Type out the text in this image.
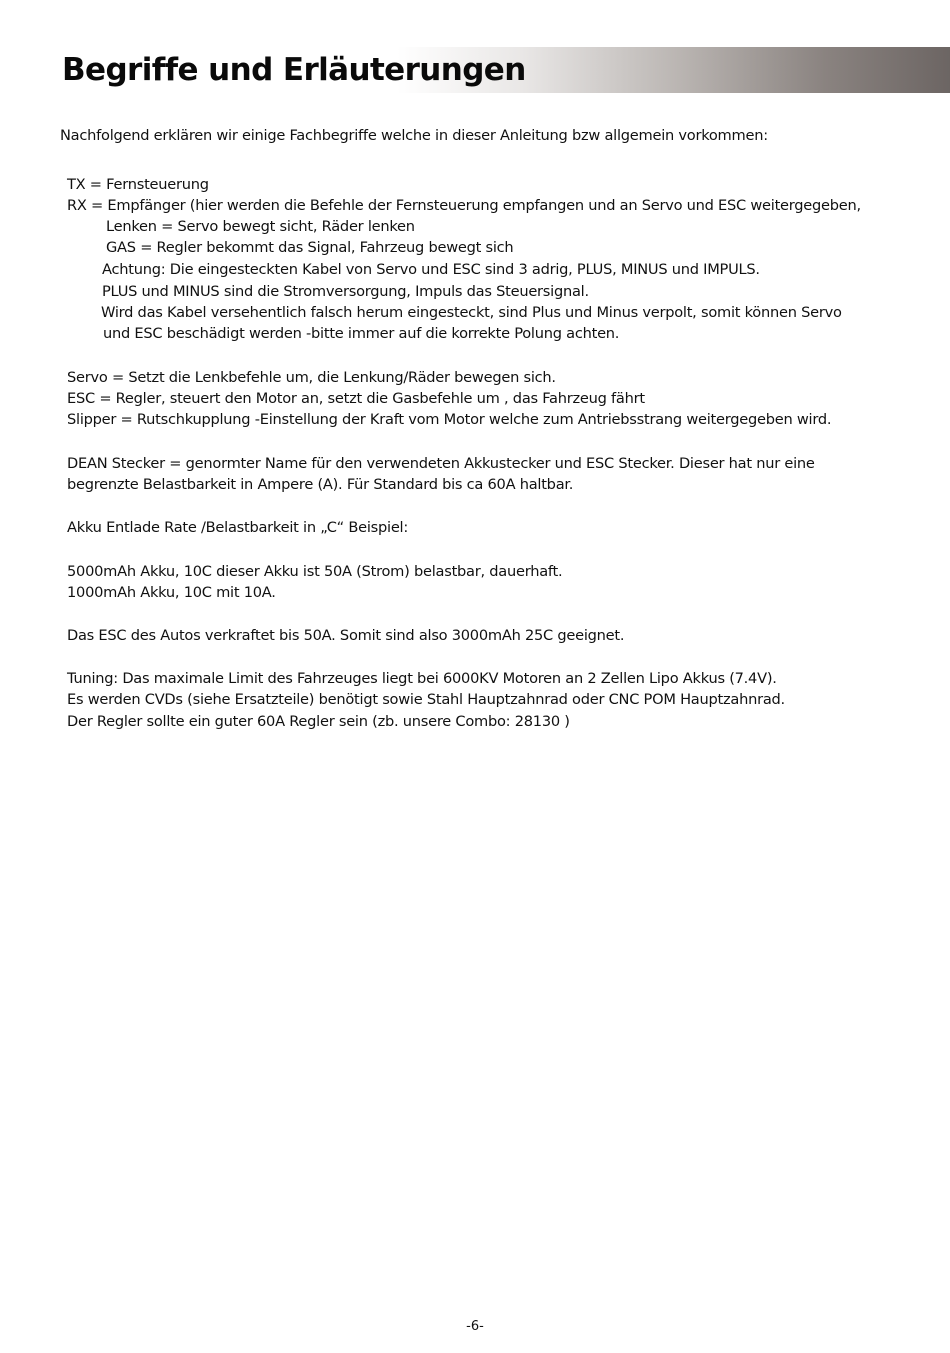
Begriffe und Erläuterungen
Nachfolgend erklären wir einige Fachbegriffe welche in dieser Anleitung bzw allgemein vorkommen:
TX = Fernsteuerung
RX = Empfänger (hier werden die Befehle der Fernsteuerung empfangen und an Servo und ESC weitergegeben,
Lenken = Servo bewegt sicht, Räder lenken
GAS = Regler bekommt das Signal, Fahrzeug bewegt sich
Achtung: Die eingesteckten Kabel von Servo und ESC sind 3 adrig, PLUS, MINUS und IMPULS.
PLUS und MINUS sind die Stromversorgung, Impuls das Steuersignal.
Wird das Kabel versehentlich falsch herum eingesteckt, sind Plus und Minus verpolt, somit können Servo
und ESC beschädigt werden -bitte immer auf die korrekte Polung achten.
Servo = Setzt die Lenkbefehle um, die Lenkung/Räder bewegen sich.
ESC = Regler, steuert den Motor an, setzt die Gasbefehle um , das Fahrzeug fährt
Slipper = Rutschkupplung -Einstellung der Kraft vom Motor welche zum Antriebsstrang weitergegeben wird.
DEAN Stecker = genormter Name für den verwendeten Akkustecker und ESC Stecker. Dieser hat nur eine
begrenzte Belastbarkeit in Ampere (A). Für Standard bis ca 60A haltbar.
Akku Entlade Rate /Belastbarkeit in „C“ Beispiel:
5000mAh Akku, 10C dieser Akku ist 50A (Strom) belastbar, dauerhaft.
1000mAh Akku, 10C mit 10A.
Das ESC des Autos verkraftet bis 50A. Somit sind also 3000mAh 25C geeignet.
Tuning: Das maximale Limit des Fahrzeuges liegt bei 6000KV Motoren an 2 Zellen Lipo Akkus (7.4V).
Es werden CVDs (siehe Ersatzteile) benötigt sowie Stahl Hauptzahnrad oder CNC POM Hauptzahnrad.
Der Regler sollte ein guter 60A Regler sein (zb. unsere Combo: 28130 )
-6-
